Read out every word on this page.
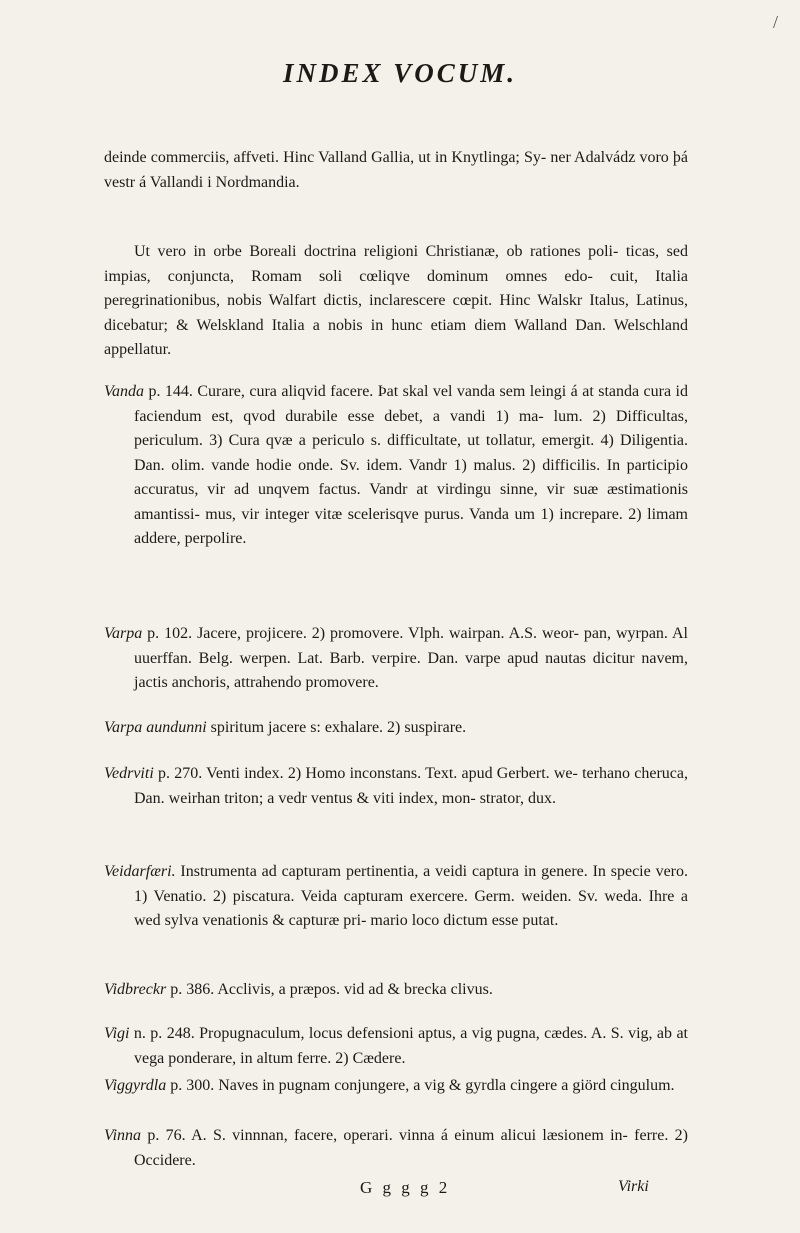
/
INDEX VOCUM.
deinde commerciis, affveti. Hinc Valland Gallia, ut in Knytlinga; Sy- ner Adalvádz voro þá vestr á Vallandi i Nordmandia.
Ut vero in orbe Boreali doctrina religioni Christianæ, ob rationes poli- ticas, sed impias, conjuncta, Romam soli cœliqve dominum omnes edo- cuit, Italia peregrinationibus, nobis Walfart dictis, inclarescere cœpit. Hinc Walskr Italus, Latinus, dicebatur; & Welskland Italia a nobis in hunc etiam diem Walland Dan. Welschland appellatur.
Vanda p. 144. Curare, cura aliqvid facere. Þat skal vel vanda sem leingi á at standa cura id faciendum est, qvod durabile esse debet, a vandi 1) ma- lum. 2) Difficultas, periculum. 3) Cura qvæ a periculo s. difficultate, ut tollatur, emergit. 4) Diligentia. Dan. olim. vande hodie onde. Sv. idem. Vandr 1) malus. 2) difficilis. In participio accuratus, vir ad unqvem factus. Vandr at virdingu sinne, vir suæ æstimationis amantissi- mus, vir integer vitæ scelerisqve purus. Vanda um 1) increpare. 2) limam addere, perpolire.
Varpa p. 102. Jacere, projicere. 2) promovere. Vlph. wairpan. A.S. weor- pan, wyrpan. Al uuerffan. Belg. werpen. Lat. Barb. verpire. Dan. varpe apud nautas dicitur navem, jactis anchoris, attrahendo promovere.
Varpa aundunni spiritum jacere s: exhalare. 2) suspirare.
Vedrviti p. 270. Venti index. 2) Homo inconstans. Text. apud Gerbert. we- terhano cheruca, Dan. weirhan triton; a vedr ventus & viti index, mon- strator, dux.
Veidarfæri. Instrumenta ad capturam pertinentia, a veidi captura in genere. In specie vero. 1) Venatio. 2) piscatura. Veida capturam exercere. Germ. weiden. Sv. weda. Ihre a wed sylva venationis & capturæ pri- mario loco dictum esse putat.
Vidbreckr p. 386. Acclivis, a præpos. vid ad & brecka clivus.
Vigi n. p. 248. Propugnaculum, locus defensioni aptus, a vig pugna, cædes. A. S. vig, ab at vega ponderare, in altum ferre. 2) Cædere.
Viggyrdla p. 300. Naves in pugnam conjungere, a vig & gyrdla cingere a giörd cingulum.
Vinna p. 76. A. S. vinnnan, facere, operari. vinna á einum alicui læsionem in- ferre. 2) Occidere.
G g g g 2	Virki
